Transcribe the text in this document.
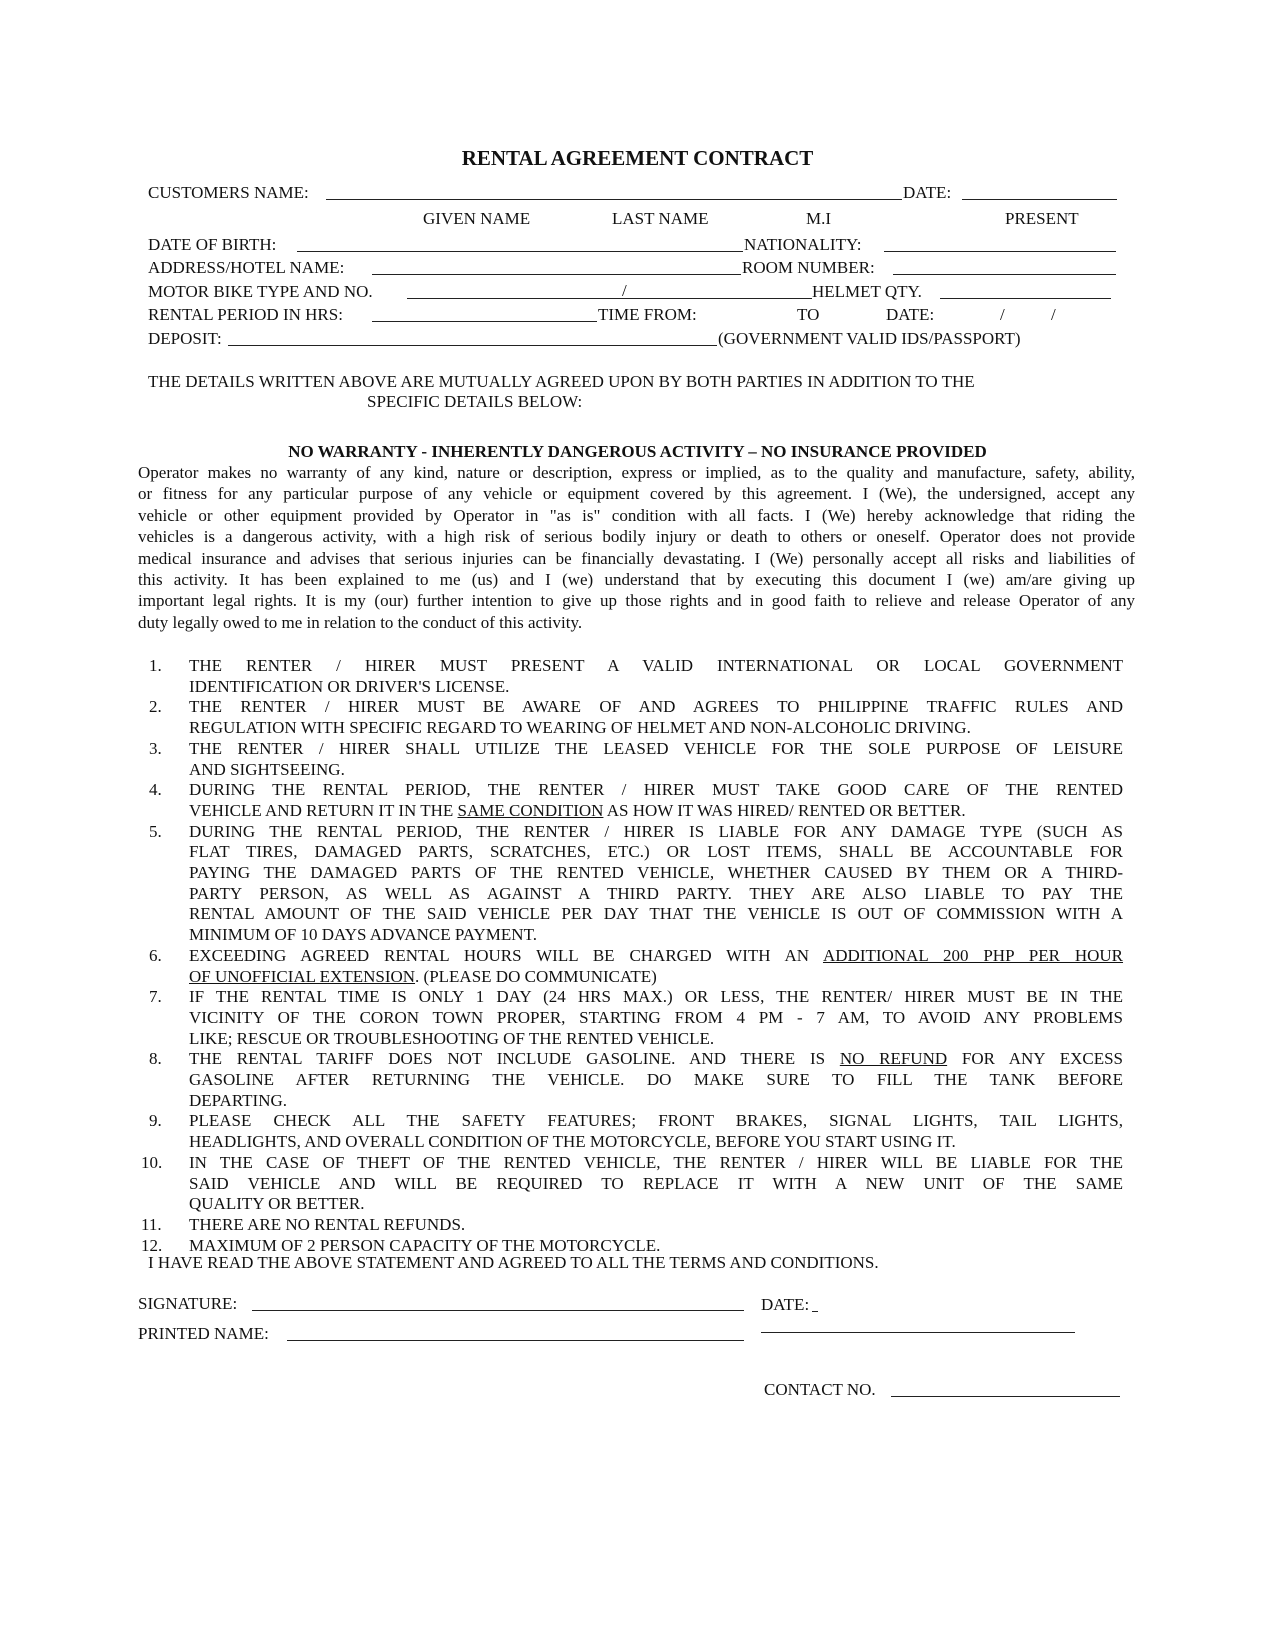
RENTAL AGREEMENT CONTRACT
CUSTOMERS NAME:	DATE:
GIVEN NAME	LAST NAME	M.I	PRESENT
DATE OF BIRTH:	NATIONALITY:
ADDRESS/HOTEL NAME:	ROOM NUMBER:
MOTOR BIKE TYPE AND NO.	/	HELMET QTY.
RENTAL PERIOD IN HRS:	TIME FROM:	TO	DATE:	/	/
DEPOSIT:	(GOVERNMENT VALID IDS/PASSPORT)
THE DETAILS WRITTEN ABOVE ARE MUTUALLY AGREED UPON BY BOTH PARTIES IN ADDITION TO THE
SPECIFIC DETAILS BELOW:
NO WARRANTY - INHERENTLY DANGEROUS ACTIVITY – NO INSURANCE PROVIDED
Operator makes no warranty of any kind, nature or description, express or implied, as to the quality and manufacture, safety, ability,
or fitness for any particular purpose of any vehicle or equipment covered by this agreement. I (We), the undersigned, accept any
vehicle or other equipment provided by Operator in "as is" condition with all facts. I (We) hereby acknowledge that riding the
vehicles is a dangerous activity, with a high risk of serious bodily injury or death to others or oneself. Operator does not provide
medical insurance and advises that serious injuries can be financially devastating. I (We) personally accept all risks and liabilities of
this activity. It has been explained to me (us) and I (we) understand that by executing this document I (we) am/are giving up
important legal rights. It is my (our) further intention to give up those rights and in good faith to relieve and release Operator of any
duty legally owed to me in relation to the conduct of this activity.
1. THE RENTER / HIRER MUST PRESENT A VALID INTERNATIONAL OR LOCAL GOVERNMENT
IDENTIFICATION OR DRIVER'S LICENSE.
2. THE RENTER / HIRER MUST BE AWARE OF AND AGREES TO PHILIPPINE TRAFFIC RULES AND
REGULATION WITH SPECIFIC REGARD TO WEARING OF HELMET AND NON-ALCOHOLIC DRIVING.
3. THE RENTER / HIRER SHALL UTILIZE THE LEASED VEHICLE FOR THE SOLE PURPOSE OF LEISURE
AND SIGHTSEEING.
4. DURING THE RENTAL PERIOD, THE RENTER / HIRER MUST TAKE GOOD CARE OF THE RENTED
VEHICLE AND RETURN IT IN THE SAME CONDITION AS HOW IT WAS HIRED/ RENTED OR BETTER.
5. DURING THE RENTAL PERIOD, THE RENTER / HIRER IS LIABLE FOR ANY DAMAGE TYPE (SUCH AS
FLAT TIRES, DAMAGED PARTS, SCRATCHES, ETC.) OR LOST ITEMS, SHALL BE ACCOUNTABLE FOR
PAYING THE DAMAGED PARTS OF THE RENTED VEHICLE, WHETHER CAUSED BY THEM OR A THIRD-
PARTY PERSON, AS WELL AS AGAINST A THIRD PARTY. THEY ARE ALSO LIABLE TO PAY THE
RENTAL AMOUNT OF THE SAID VEHICLE PER DAY THAT THE VEHICLE IS OUT OF COMMISSION WITH A
MINIMUM OF 10 DAYS ADVANCE PAYMENT.
6. EXCEEDING AGREED RENTAL HOURS WILL BE CHARGED WITH AN ADDITIONAL 200 PHP PER HOUR
OF UNOFFICIAL EXTENSION. (PLEASE DO COMMUNICATE)
7. IF THE RENTAL TIME IS ONLY 1 DAY (24 HRS MAX.) OR LESS, THE RENTER/ HIRER MUST BE IN THE
VICINITY OF THE CORON TOWN PROPER, STARTING FROM 4 PM - 7 AM, TO AVOID ANY PROBLEMS
LIKE; RESCUE OR TROUBLESHOOTING OF THE RENTED VEHICLE.
8. THE RENTAL TARIFF DOES NOT INCLUDE GASOLINE. AND THERE IS NO REFUND FOR ANY EXCESS
GASOLINE AFTER RETURNING THE VEHICLE. DO MAKE SURE TO FILL THE TANK BEFORE
DEPARTING.
9. PLEASE CHECK ALL THE SAFETY FEATURES; FRONT BRAKES, SIGNAL LIGHTS, TAIL LIGHTS,
HEADLIGHTS, AND OVERALL CONDITION OF THE MOTORCYCLE, BEFORE YOU START USING IT.
10. IN THE CASE OF THEFT OF THE RENTED VEHICLE, THE RENTER / HIRER WILL BE LIABLE FOR THE
SAID VEHICLE AND WILL BE REQUIRED TO REPLACE IT WITH A NEW UNIT OF THE SAME
QUALITY OR BETTER.
11. THERE ARE NO RENTAL REFUNDS.
12. MAXIMUM OF 2 PERSON CAPACITY OF THE MOTORCYCLE.
I HAVE READ THE ABOVE STATEMENT AND AGREED TO ALL THE TERMS AND CONDITIONS.
SIGNATURE:	DATE:
PRINTED NAME:
CONTACT NO.
